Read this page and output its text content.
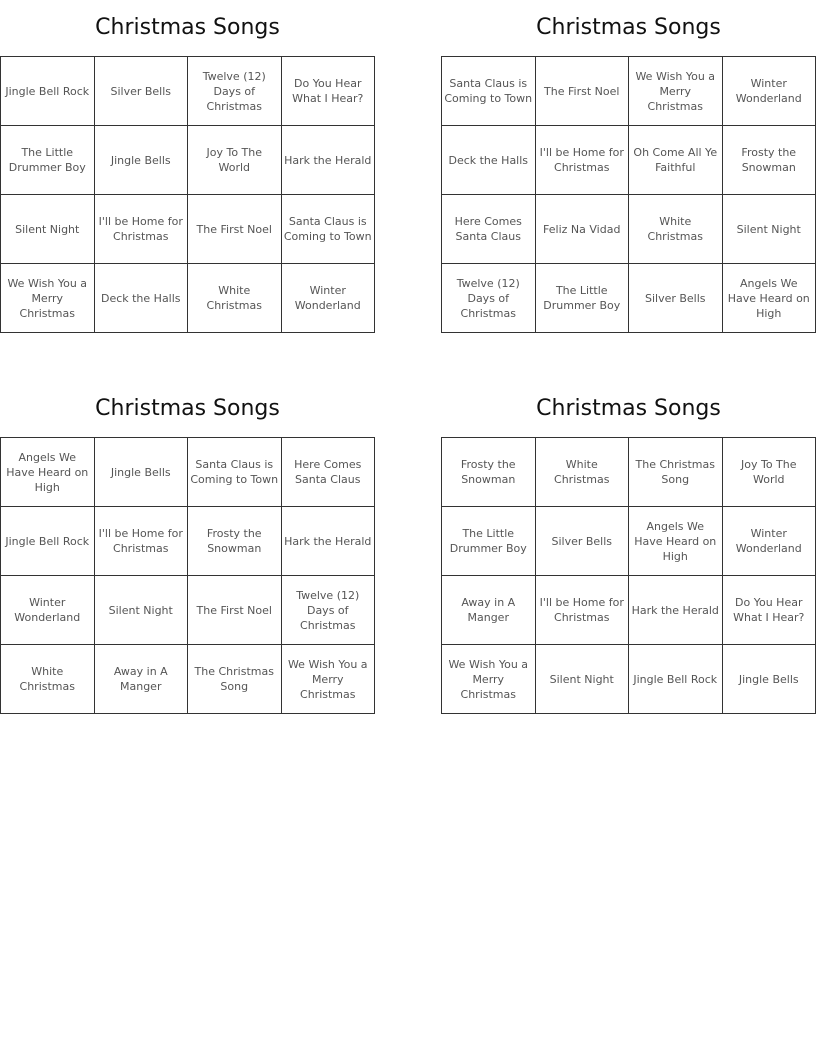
Christmas Songs
Jingle Bell Rock	Silver Bells	Twelve (12) Days of Christmas	Do You Hear What I Hear?
The Little Drummer Boy	Jingle Bells	Joy To The World	Hark the Herald
Silent Night	I'll be Home for Christmas	The First Noel	Santa Claus is Coming to Town
We Wish You a Merry Christmas	Deck the Halls	White Christmas	Winter Wonderland
Christmas Songs
Santa Claus is Coming to Town	The First Noel	We Wish You a Merry Christmas	Winter Wonderland
Deck the Halls	I'll be Home for Christmas	Oh Come All Ye Faithful	Frosty the Snowman
Here Comes Santa Claus	Feliz Na Vidad	White Christmas	Silent Night
Twelve (12) Days of Christmas	The Little Drummer Boy	Silver Bells	Angels We Have Heard on High
Christmas Songs
Angels We Have Heard on High	Jingle Bells	Santa Claus is Coming to Town	Here Comes Santa Claus
Jingle Bell Rock	I'll be Home for Christmas	Frosty the Snowman	Hark the Herald
Winter Wonderland	Silent Night	The First Noel	Twelve (12) Days of Christmas
White Christmas	Away in A Manger	The Christmas Song	We Wish You a Merry Christmas
Christmas Songs
Frosty the Snowman	White Christmas	The Christmas Song	Joy To The World
The Little Drummer Boy	Silver Bells	Angels We Have Heard on High	Winter Wonderland
Away in A Manger	I'll be Home for Christmas	Hark the Herald	Do You Hear What I Hear?
We Wish You a Merry Christmas	Silent Night	Jingle Bell Rock	Jingle Bells
